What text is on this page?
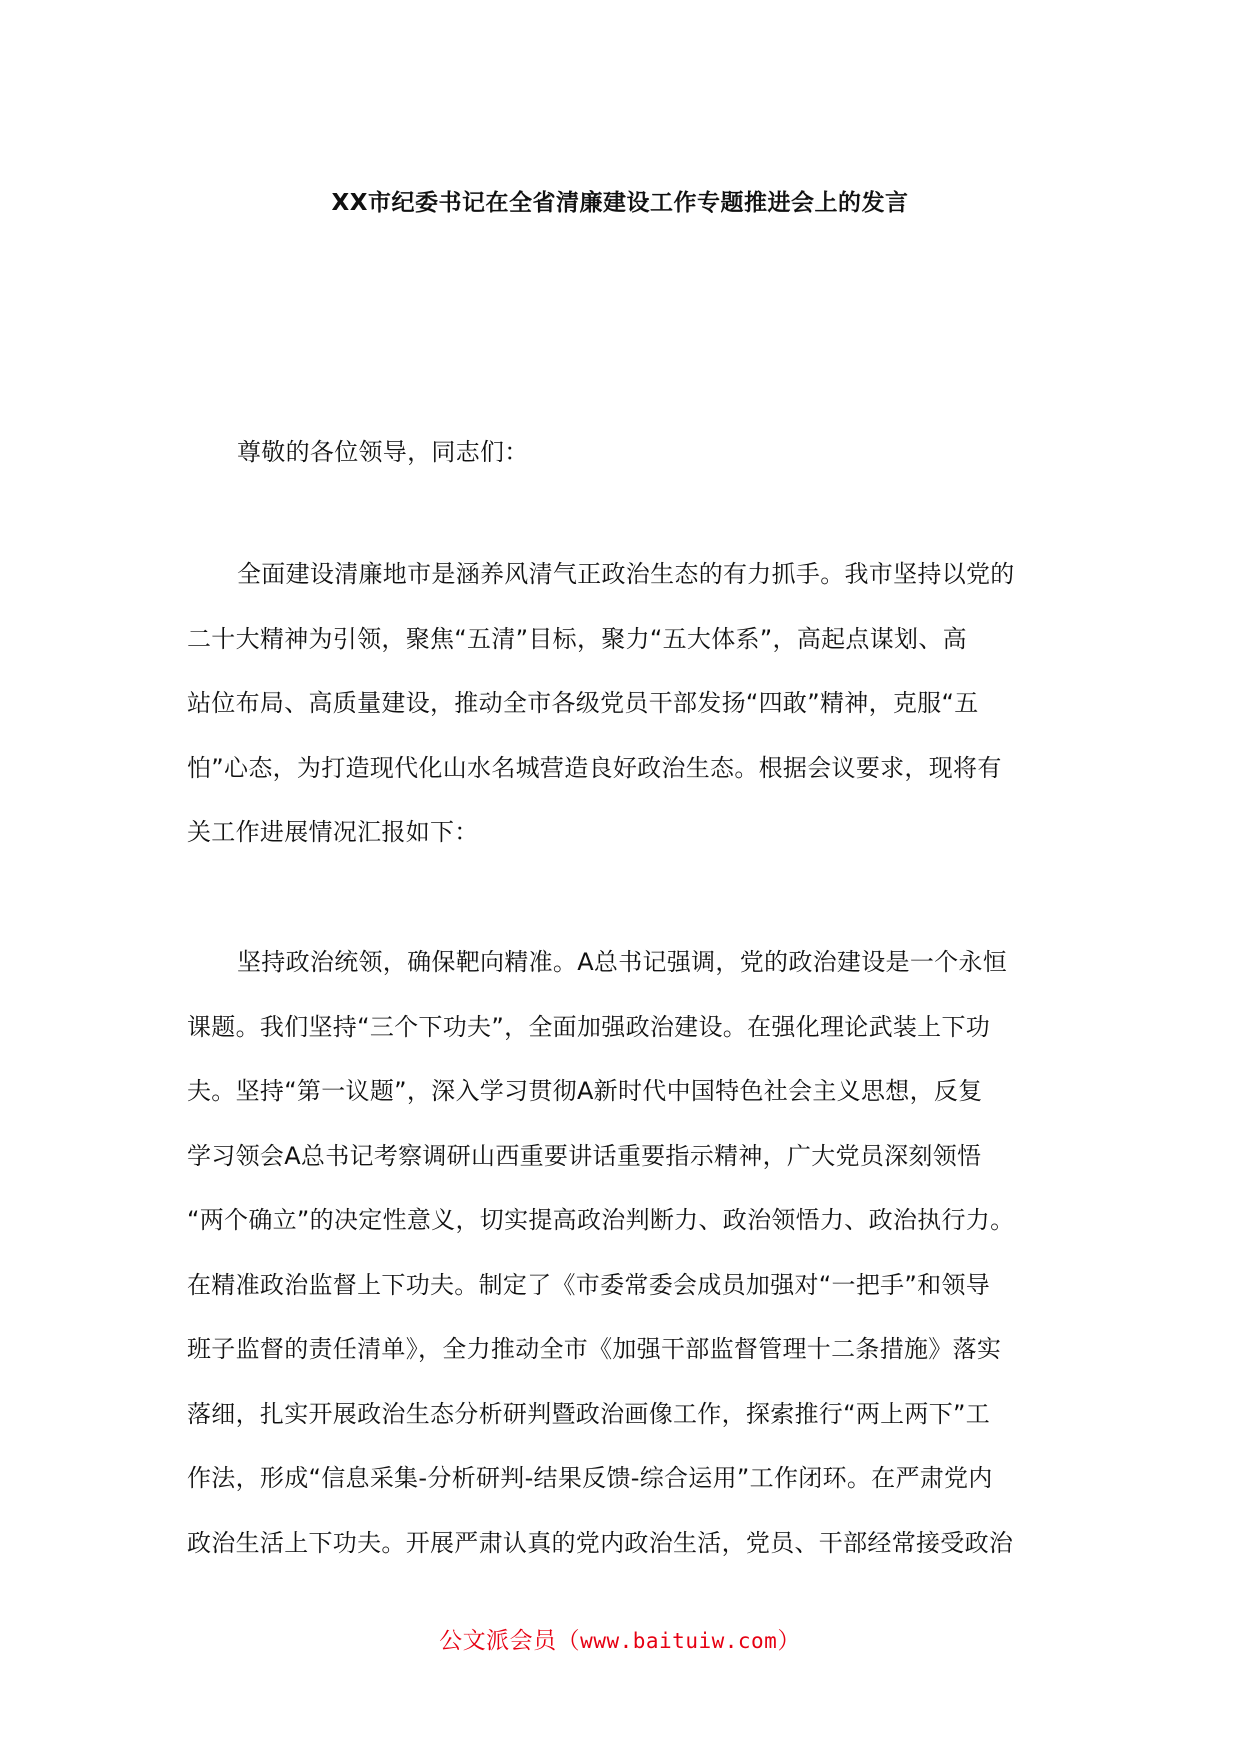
XX市纪委书记在全省清廉建设工作专题推进会上的发言
尊敬的各位领导，同志们：
全面建设清廉地市是涵养风清气正政治生态的有力抓手。我市坚持以党的
二十大精神为引领，聚焦“五清”目标，聚力“五大体系”，高起点谋划、高
站位布局、高质量建设，推动全市各级党员干部发扬“四敢”精神，克服“五
怕”心态，为打造现代化山水名城营造良好政治生态。根据会议要求，现将有
关工作进展情况汇报如下：
坚持政治统领，确保靶向精准。A总书记强调，党的政治建设是一个永恒
课题。我们坚持“三个下功夫”，全面加强政治建设。在强化理论武装上下功
夫。坚持“第一议题”，深入学习贯彻A新时代中国特色社会主义思想，反复
学习领会A总书记考察调研山西重要讲话重要指示精神，广大党员深刻领悟
“两个确立”的决定性意义，切实提高政治判断力、政治领悟力、政治执行力。
在精准政治监督上下功夫。制定了《市委常委会成员加强对“一把手”和领导
班子监督的责任清单》，全力推动全市《加强干部监督管理十二条措施》落实
落细，扎实开展政治生态分析研判暨政治画像工作，探索推行“两上两下”工
作法，形成“信息采集-分析研判-结果反馈-综合运用”工作闭环。在严肃党内
政治生活上下功夫。开展严肃认真的党内政治生活，党员、干部经常接受政治
公文派会员（www.baituiw.com）
